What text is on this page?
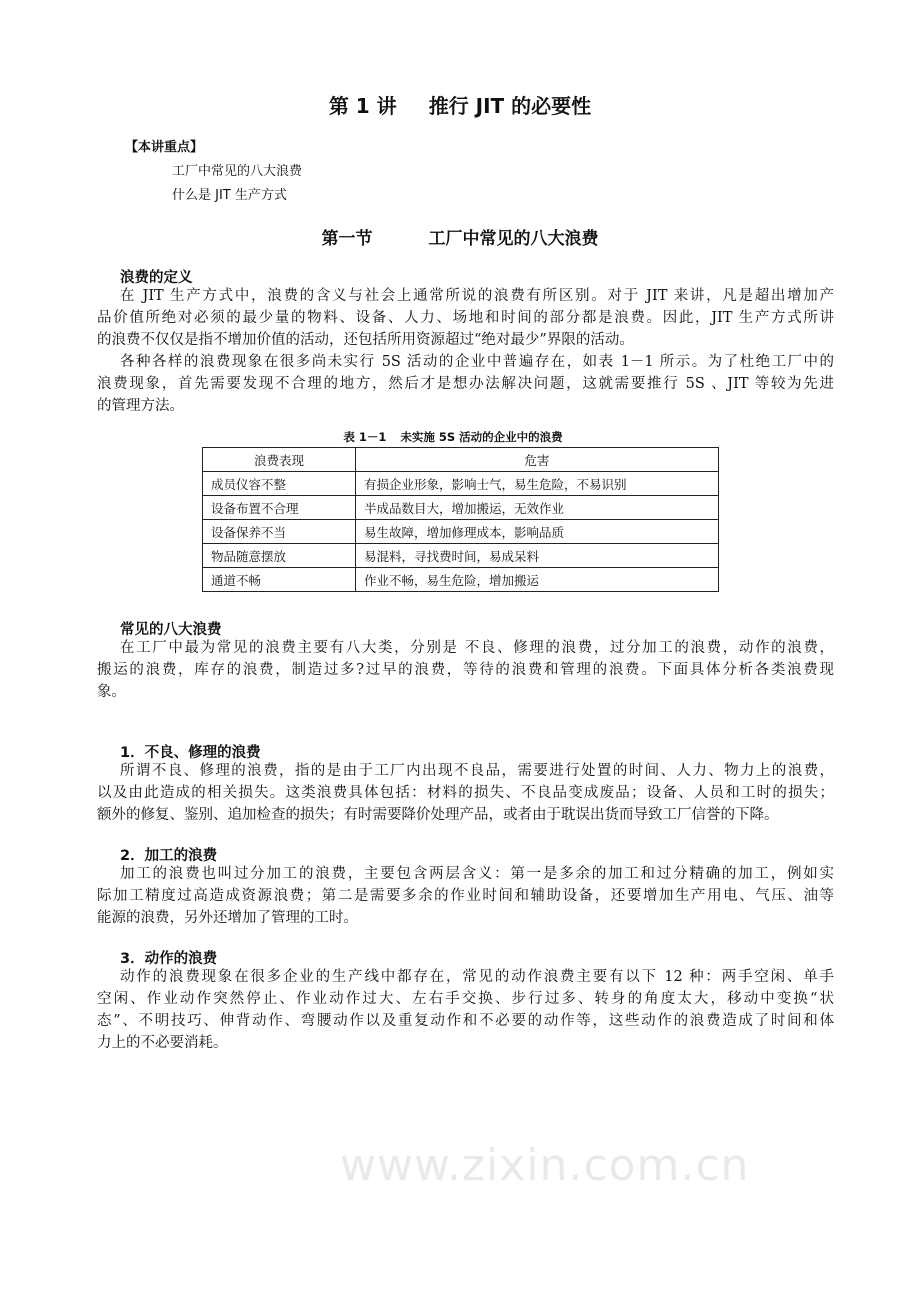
www.zixin.com.cn
第 1 讲 推行 JIT 的必要性
【本讲重点】
工厂中常见的八大浪费
什么是 JIT 生产方式
第一节	工厂中常见的八大浪费
浪费的定义
在 JIT 生产方式中，浪费的含义与社会上通常所说的浪费有所区别。对于 JIT 来讲，凡是超出增加产
品价值所绝对必须的最少量的物料、设备、人力、场地和时间的部分都是浪费。因此，JIT 生产方式所讲
的浪费不仅仅是指不增加价值的活动，还包括所用资源超过“绝对最少”界限的活动。
各种各样的浪费现象在很多尚未实行 5S 活动的企业中普遍存在，如表 1－1 所示。为了杜绝工厂中的
浪费现象，首先需要发现不合理的地方，然后才是想办法解决问题，这就需要推行 5S 、JIT 等较为先进
的管理方法。
常见的八大浪费
在工厂中最为常见的浪费主要有八大类，分别是 不良、修理的浪费，过分加工的浪费，动作的浪费，
搬运的浪费，库存的浪费，制造过多?过早的浪费，等待的浪费和管理的浪费。下面具体分析各类浪费现
象。
1．不良、修理的浪费
所谓不良、修理的浪费，指的是由于工厂内出现不良品，需要进行处置的时间、人力、物力上的浪费，
以及由此造成的相关损失。这类浪费具体包括：材料的损失、不良品变成废品；设备、人员和工时的损失；
额外的修复、鉴别、追加检查的损失；有时需要降价处理产品，或者由于耽误出货而导致工厂信誉的下降。
2．加工的浪费
加工的浪费也叫过分加工的浪费，主要包含两层含义：第一是多余的加工和过分精确的加工，例如实
际加工精度过高造成资源浪费；第二是需要多余的作业时间和辅助设备，还要增加生产用电、气压、油等
能源的浪费，另外还增加了管理的工时。
3．动作的浪费
动作的浪费现象在很多企业的生产线中都存在，常见的动作浪费主要有以下 12 种：两手空闲、单手
空闲、作业动作突然停止、作业动作过大、左右手交换、步行过多、转身的角度太大，移动中变换“状
态”、不明技巧、伸背动作、弯腰动作以及重复动作和不必要的动作等，这些动作的浪费造成了时间和体
力上的不必要消耗。
表 1－1 未实施 5S 活动的企业中的浪费
浪费表现	危害
成员仪容不整	有损企业形象，影响士气，易生危险，不易识别
设备布置不合理	半成品数目大，增加搬运，无效作业
设备保养不当	易生故障，增加修理成本，影响品质
物品随意摆放	易混料，寻找费时间，易成呆料
通道不畅	作业不畅，易生危险，增加搬运
